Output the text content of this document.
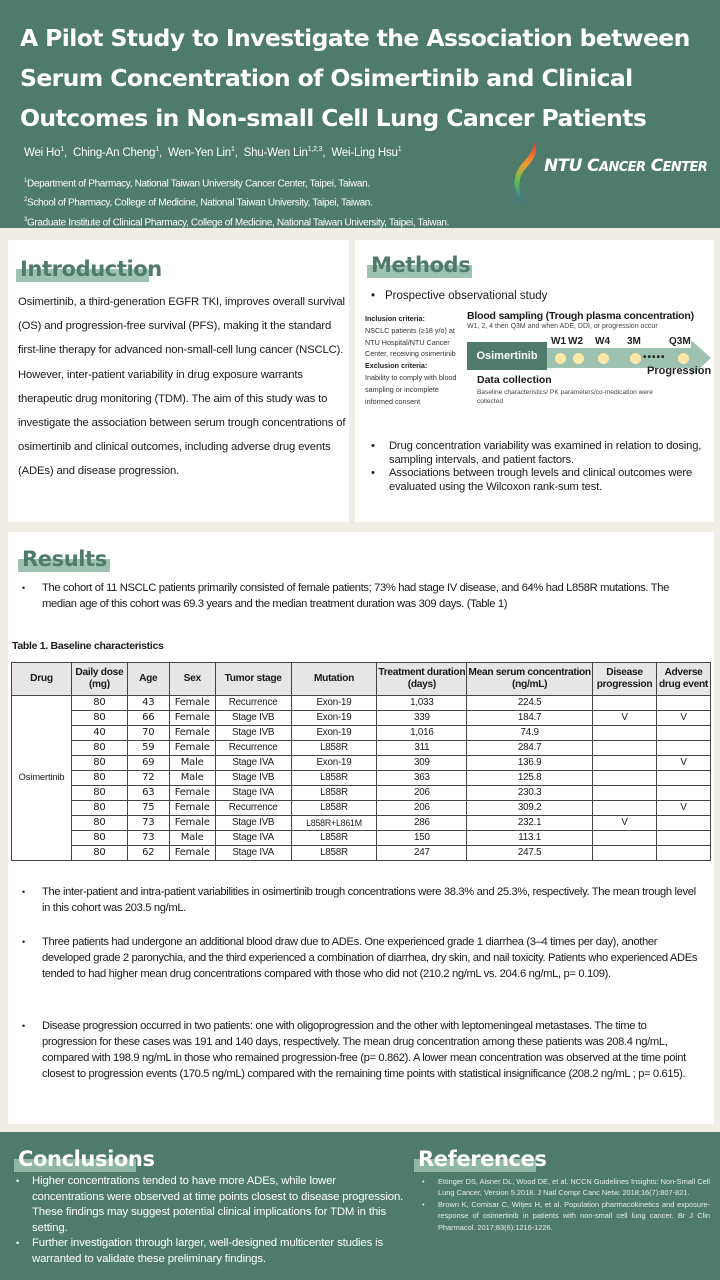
A Pilot Study to Investigate the Association between Serum Concentration of Osimertinib and Clinical Outcomes in Non-small Cell Lung Cancer Patients
Wei Ho$^1$,  Ching-An Cheng$^1$,  Wen-Yen Lin$^1$,  Shu-Wen Lin$^{1,2,3}$,  Wei-Ling Hsu$^1$
$^1$Department of Pharmacy, National Taiwan University Cancer Center, Taipei, Taiwan.
$^2$School of Pharmacy, College of Medicine, National Taiwan University, Taipei, Taiwan.
$^3$Graduate Institute of Clinical Pharmacy, College of Medicine, National Taiwan University, Taipei, Taiwan.
NTU CANCER CENTER
Introduction
Osimertinib, a third-generation EGFR TKI, improves overall survival (OS) and progression-free survival (PFS), making it the standard first-line therapy for advanced non-small-cell lung cancer (NSCLC). However, inter-patient variability in drug exposure warrants therapeutic drug monitoring (TDM). The aim of this study was to investigate the association between serum trough concentrations of osimertinib and clinical outcomes, including adverse drug events (ADEs) and disease progression.
Methods
• Prospective observational study
Inclusion criteria:
NSCLC patients (≥18 y/o) at NTU Hospital/NTU Cancer Center, receiving osimertinib
Exclusion criteria:
Inability to comply with blood sampling or incomplete informed consent
Blood sampling (Trough plasma concentration)
W1, 2, 4 then Q3M and when ADE, DDI, or progression occur
Osimertinib
W1 W2 W4 3M	Q3M
•••••
Progression
Data collection
Baseline characteristics/ PK parameters/co-medication were collected
• Drug concentration variability was examined in relation to dosing, sampling intervals, and patient factors.
• Associations between trough levels and clinical outcomes were evaluated using the Wilcoxon rank-sum test.
Results
• The cohort of 11 NSCLC patients primarily consisted of female patients; 73% had stage IV disease, and 64% had L858R mutations. The median age of this cohort was 69.3 years and the median treatment duration was 309 days. (Table 1)
Table 1. Baseline characteristics
Drug	Daily dose (mg)	Age	Sex	Tumor stage	Mutation	Treatment duration (days)	Mean serum concentration (ng/mL)	Disease progression	Adverse drug event
Osimertinib	80	43	Female	Recurrence	Exon-19	1,033	224.5		
	80	66	Female	Stage IVB	Exon-19	339	184.7	V	V
	40	70	Female	Stage IVB	Exon-19	1,016	74.9		
	80	59	Female	Recurrence	L858R	311	284.7		
	80	69	Male	Stage IVA	Exon-19	309	136.9		V
	80	72	Male	Stage IVB	L858R	363	125.8		
	80	63	Female	Stage IVA	L858R	206	230.3		
	80	75	Female	Recurrence	L858R	206	309.2		V
	80	73	Female	Stage IVB	L858R+L861M	286	232.1	V	
	80	73	Male	Stage IVA	L858R	150	113.1		
	80	62	Female	Stage IVA	L858R	247	247.5		
• The inter-patient and intra-patient variabilities in osimertinib trough concentrations were 38.3% and 25.3%, respectively. The mean trough level in this cohort was 203.5 ng/mL.
• Three patients had undergone an additional blood draw due to ADEs. One experienced grade 1 diarrhea (3–4 times per day), another developed grade 2 paronychia, and the third experienced a combination of diarrhea, dry skin, and nail toxicity. Patients who experienced ADEs tended to had higher mean drug concentrations compared with those who did not (210.2 ng/mL vs. 204.6 ng/mL, p= 0.109).
• Disease progression occurred in two patients: one with oligoprogression and the other with leptomeningeal metastases. The time to progression for these cases was 191 and 140 days, respectively. The mean drug concentration among these patients was 208.4 ng/mL, compared with 198.9 ng/mL in those who remained progression-free (p= 0.862). A lower mean concentration was observed at the time point closest to progression events (170.5 ng/mL) compared with the remaining time points with statistical insignificance (208.2 ng/mL ; p= 0.615).
Conclusions
• Higher concentrations tended to have more ADEs, while lower concentrations were observed at time points closest to disease progression. These findings may suggest potential clinical implications for TDM in this setting.
• Further investigation through larger, well-designed multicenter studies is warranted to validate these preliminary findings.
References
• Ettinger DS, Aisner DL, Wood DE, et al. NCCN Guidelines Insights: Non-Small Cell Lung Cancer, Version 5.2018. J Natl Compr Canc Netw. 2018;16(7):807-821.
• Brown K, Comisar C, Witjes H, et al. Population pharmacokinetics and exposure-response of osimertinib in patients with non-small cell lung cancer. Br J Clin Pharmacol. 2017;83(6):1216-1226.
